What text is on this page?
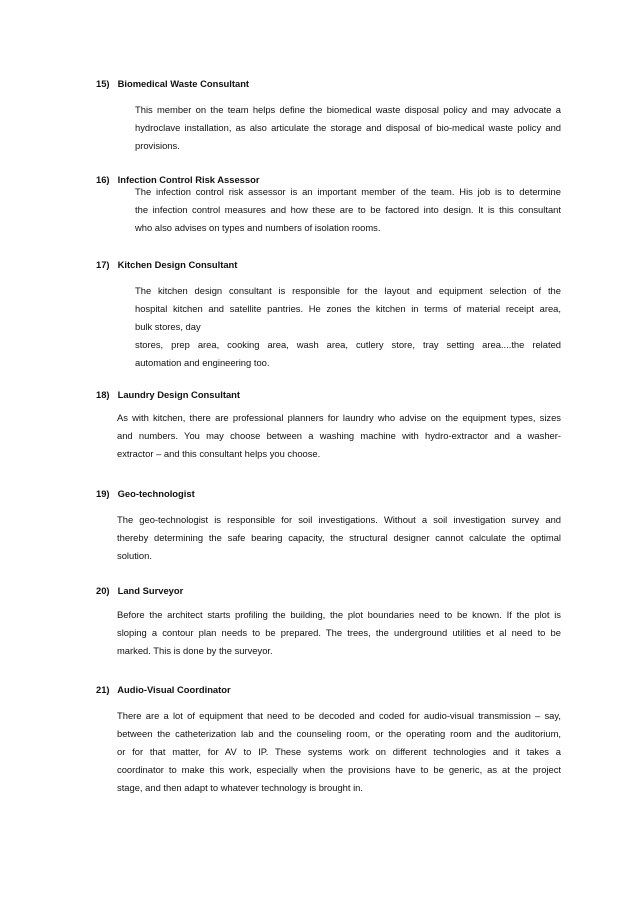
15) Biomedical Waste Consultant
This member on the team helps define the biomedical waste disposal policy and may advocate a
hydroclave installation, as also articulate the storage and disposal of bio-medical waste policy and
provisions.
16) Infection Control Risk Assessor
The infection control risk assessor is an important member of the team. His job is to determine
the infection control measures and how these are to be factored into design. It is this consultant
who also advises on types and numbers of isolation rooms.
17) Kitchen Design Consultant
The kitchen design consultant is responsible for the layout and equipment selection of the
hospital kitchen and satellite pantries. He zones the kitchen in terms of material receipt area,
bulk stores, day
stores, prep area, cooking area, wash area, cutlery store, tray setting area....the related
automation and engineering too.
18) Laundry Design Consultant
As with kitchen, there are professional planners for laundry who advise on the equipment types, sizes
and numbers. You may choose between a washing machine with hydro-extractor and a washer-
extractor – and this consultant helps you choose.
19) Geo-technologist
The geo-technologist is responsible for soil investigations. Without a soil investigation survey and
thereby determining the safe bearing capacity, the structural designer cannot calculate the optimal
solution.
20) Land Surveyor
Before the architect starts profiling the building, the plot boundaries need to be known. If the plot is
sloping a contour plan needs to be prepared. The trees, the underground utilities et al need to be
marked. This is done by the surveyor.
21) Audio-Visual Coordinator
There are a lot of equipment that need to be decoded and coded for audio-visual transmission – say,
between the catheterization lab and the counseling room, or the operating room and the auditorium,
or for that matter, for AV to IP. These systems work on different technologies and it takes a
coordinator to make this work, especially when the provisions have to be generic, as at the project
stage, and then adapt to whatever technology is brought in.
